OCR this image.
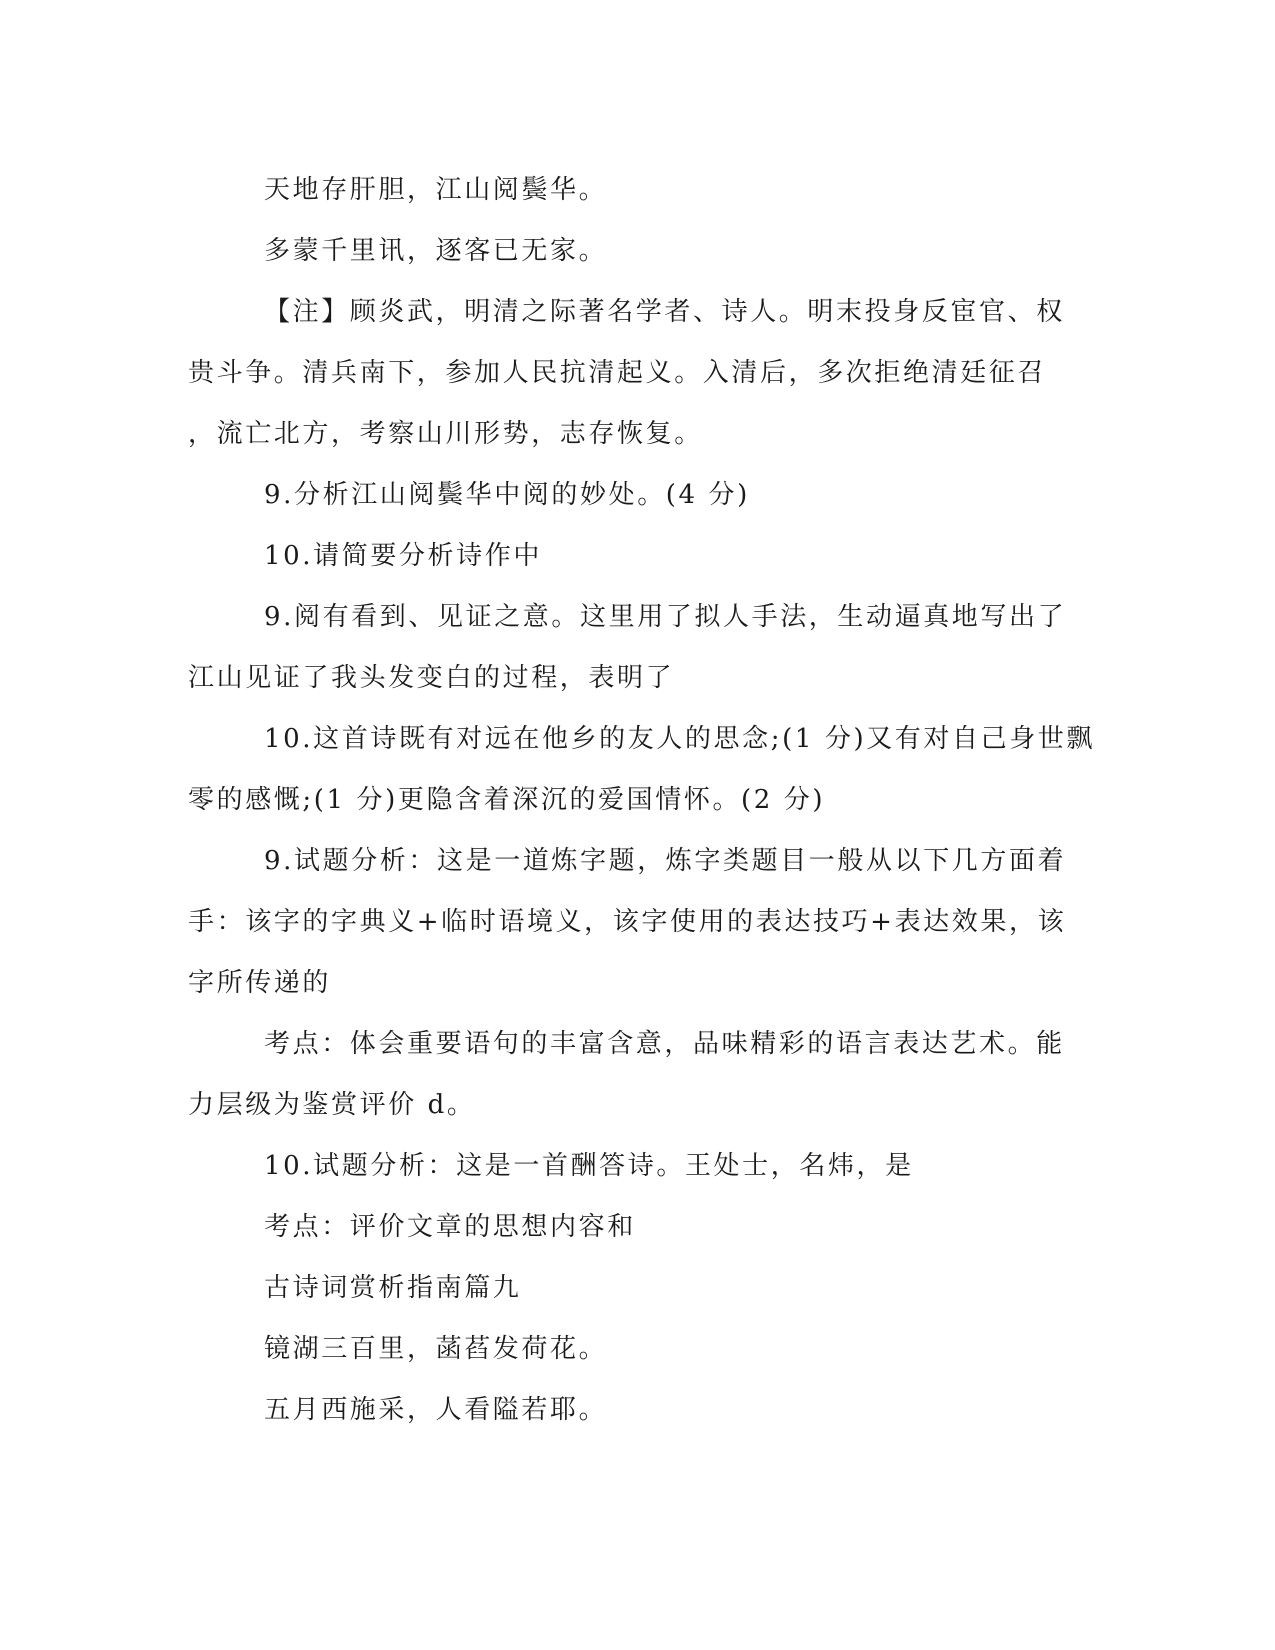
天地存肝胆，江山阅鬓华。

多蒙千里讯，逐客已无家。

【注】顾炎武，明清之际著名学者、诗人。明末投身反宦官、权

贵斗争。清兵南下，参加人民抗清起义。入清后，多次拒绝清廷征召

，流亡北方，考察山川形势，志存恢复。

9.分析江山阅鬓华中阅的妙处。(4 分)

10.请简要分析诗作中

9.阅有看到、见证之意。这里用了拟人手法，生动逼真地写出了

江山见证了我头发变白的过程，表明了

10.这首诗既有对远在他乡的友人的思念;(1 分)又有对自己身世飘

零的感慨;(1 分)更隐含着深沉的爱国情怀。(2 分)

9.试题分析：这是一道炼字题，炼字类题目一般从以下几方面着

手：该字的字典义+临时语境义，该字使用的表达技巧+表达效果，该

字所传递的

考点：体会重要语句的丰富含意，品味精彩的语言表达艺术。能

力层级为鉴赏评价 d。

10.试题分析：这是一首酬答诗。王处士，名炜，是

考点：评价文章的思想内容和

古诗词赏析指南篇九

镜湖三百里，菡萏发荷花。

五月西施采，人看隘若耶。
